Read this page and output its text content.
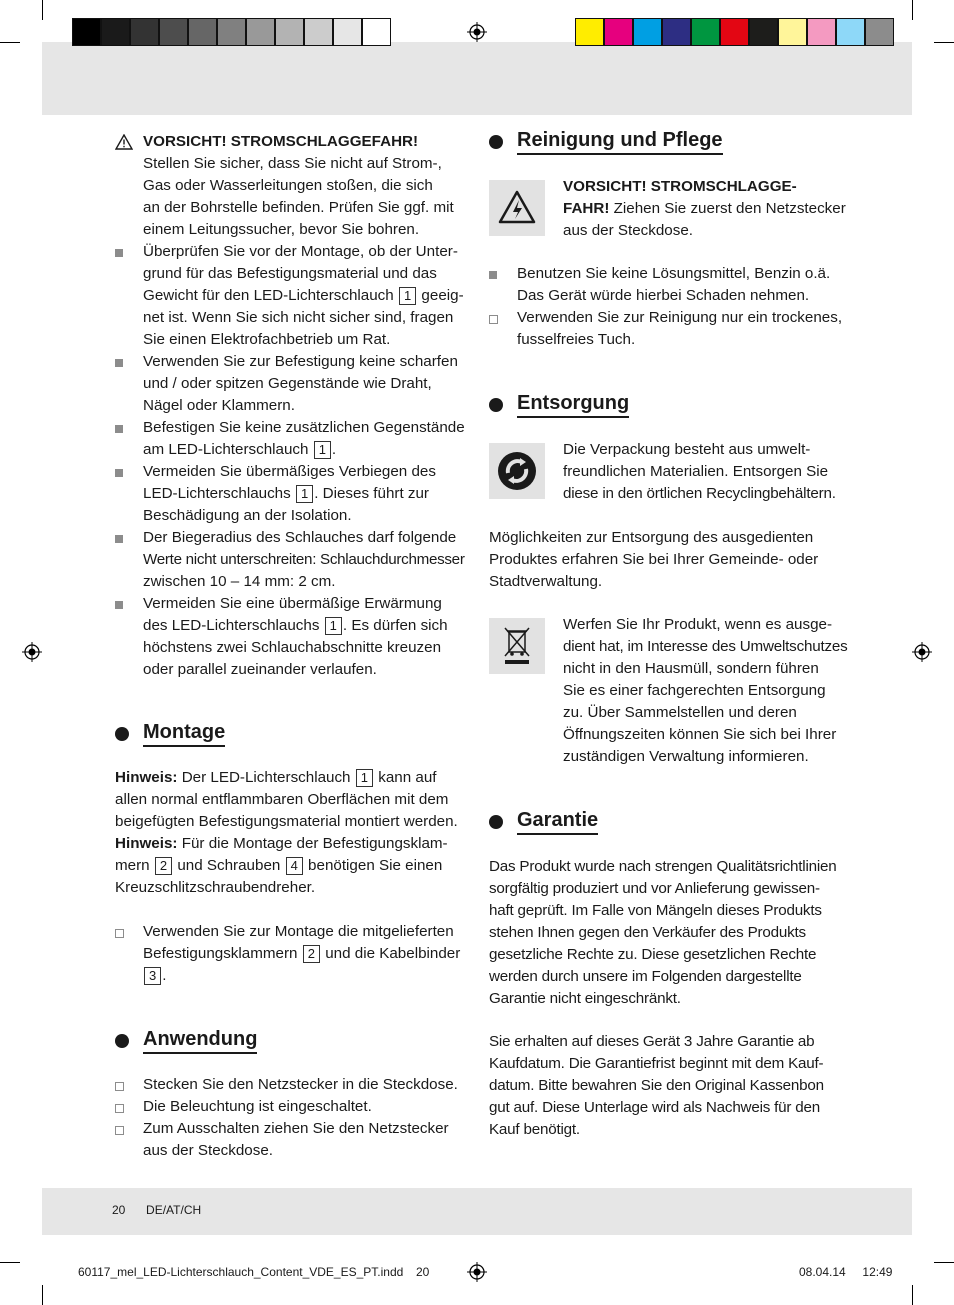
VORSICHT! STROMSCHLAGGEFAHR!
Stellen Sie sicher, dass Sie nicht auf Strom-,
Gas oder Wasserleitungen stoßen, die sich
an der Bohrstelle befinden. Prüfen Sie ggf. mit
einem Leitungssucher, bevor Sie bohren.
Überprüfen Sie vor der Montage, ob der Unter-
grund für das Befestigungsmaterial und das
Gewicht für den LED-Lichterschlauch 1 geeig-
net ist. Wenn Sie sich nicht sicher sind, fragen
Sie einen Elektrofachbetrieb um Rat.
Verwenden Sie zur Befestigung keine scharfen
und / oder spitzen Gegenstände wie Draht,
Nägel oder Klammern.
Befestigen Sie keine zusätzlichen Gegenstände
am LED-Lichterschlauch 1 .
Vermeiden Sie übermäßiges Verbiegen des
LED-Lichterschlauchs 1 . Dieses führt zur
Beschädigung an der Isolation.
Der Biegeradius des Schlauches darf folgende
Werte nicht unterschreiten: Schlauchdurchmesser
zwischen 10 – 14 mm: 2 cm.
Vermeiden Sie eine übermäßige Erwärmung
des LED-Lichterschlauchs 1 . Es dürfen sich
höchstens zwei Schlauchabschnitte kreuzen
oder parallel zueinander verlaufen.
Montage
Hinweis: Der LED-Lichterschlauch 1 kann auf
allen normal entflammbaren Oberflächen mit dem
beigefügten Befestigungsmaterial montiert werden.
Hinweis: Für die Montage der Befestigungsklam-
mern 2 und Schrauben 4 benötigen Sie einen
Kreuzschlitzschraubendreher.
Verwenden Sie zur Montage die mitgelieferten
Befestigungsklammern 2 und die Kabelbinder
3 .
Anwendung
Stecken Sie den Netzstecker in die Steckdose.
Die Beleuchtung ist eingeschaltet.
Zum Ausschalten ziehen Sie den Netzstecker
aus der Steckdose.
Reinigung und Pflege
VORSICHT! STROMSCHLAGGE-
FAHR! Ziehen Sie zuerst den Netzstecker
aus der Steckdose.
Benutzen Sie keine Lösungsmittel, Benzin o.ä.
Das Gerät würde hierbei Schaden nehmen.
Verwenden Sie zur Reinigung nur ein trockenes,
fusselfreies Tuch.
Entsorgung
Die Verpackung besteht aus umwelt-
freundlichen Materialien. Entsorgen Sie
diese in den örtlichen Recyclingbehältern.
Möglichkeiten zur Entsorgung des ausgedienten
Produktes erfahren Sie bei Ihrer Gemeinde- oder
Stadtverwaltung.
Werfen Sie Ihr Produkt, wenn es ausge-
dient hat, im Interesse des Umweltschutzes
nicht in den Hausmüll, sondern führen
Sie es einer fachgerechten Entsorgung
zu. Über Sammelstellen und deren
Öffnungszeiten können Sie sich bei Ihrer
zuständigen Verwaltung informieren.
Garantie
Das Produkt wurde nach strengen Qualitätsrichtlinien
sorgfältig produziert und vor Anlieferung gewissen-
haft geprüft. Im Falle von Mängeln dieses Produkts
stehen Ihnen gegen den Verkäufer des Produkts
gesetzliche Rechte zu. Diese gesetzlichen Rechte
werden durch unsere im Folgenden dargestellte
Garantie nicht eingeschränkt.
Sie erhalten auf dieses Gerät 3 Jahre Garantie ab
Kaufdatum. Die Garantiefrist beginnt mit dem Kauf-
datum. Bitte bewahren Sie den Original Kassenbon
gut auf. Diese Unterlage wird als Nachweis für den
Kauf benötigt.
20 DE/AT/CH
60117_mel_LED-Lichterschlauch_Content_VDE_ES_PT.indd 20	08.04.14 12:49
